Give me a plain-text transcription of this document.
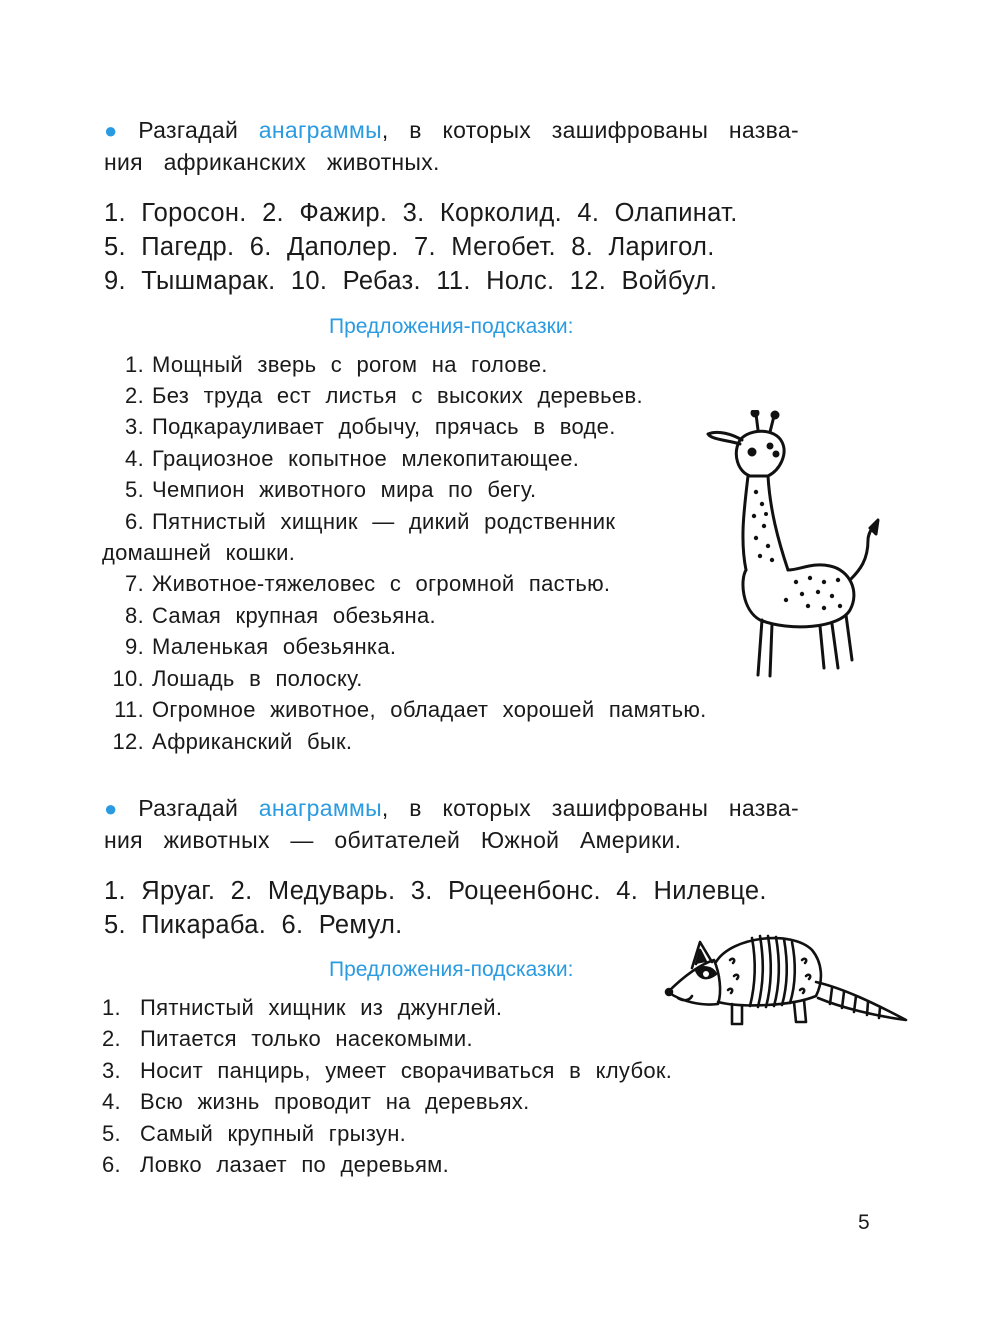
● Разгадай анаграммы, в которых зашифрованы назва-
ния африканских животных.
1. Горосон. 2. Фажир. 3. Корколид. 4. Олапинат.
5. Пагедр. 6. Даполер. 7. Мегобет. 8. Ларигол.
9. Тышмарак. 10. Ребаз. 11. Нолс. 12. Войбул.
Предложения-подсказки:
1. Мощный зверь с рогом на голове.
2. Без труда ест листья с высоких деревьев.
3. Подкарауливает добычу, прячась в воде.
4. Грациозное копытное млекопитающее.
5. Чемпион животного мира по бегу.
6. Пятнистый хищник — дикий родственник
домашней кошки.
7. Животное-тяжеловес с огромной пастью.
8. Самая крупная обезьяна.
9. Маленькая обезьянка.
10. Лошадь в полоску.
11. Огромное животное, обладает хорошей памятью.
12. Африканский бык.
● Разгадай анаграммы, в которых зашифрованы назва-
ния животных — обитателей Южной Америки.
1. Яруаг. 2. Медуварь. 3. Роцеенбонс. 4. Нилевце.
5. Пикараба. 6. Ремул.
Предложения-подсказки:
1. Пятнистый хищник из джунглей.
2. Питается только насекомыми.
3. Носит панцирь, умеет сворачиваться в клубок.
4. Всю жизнь проводит на деревьях.
5. Самый крупный грызун.
6. Ловко лазает по деревьям.
5
